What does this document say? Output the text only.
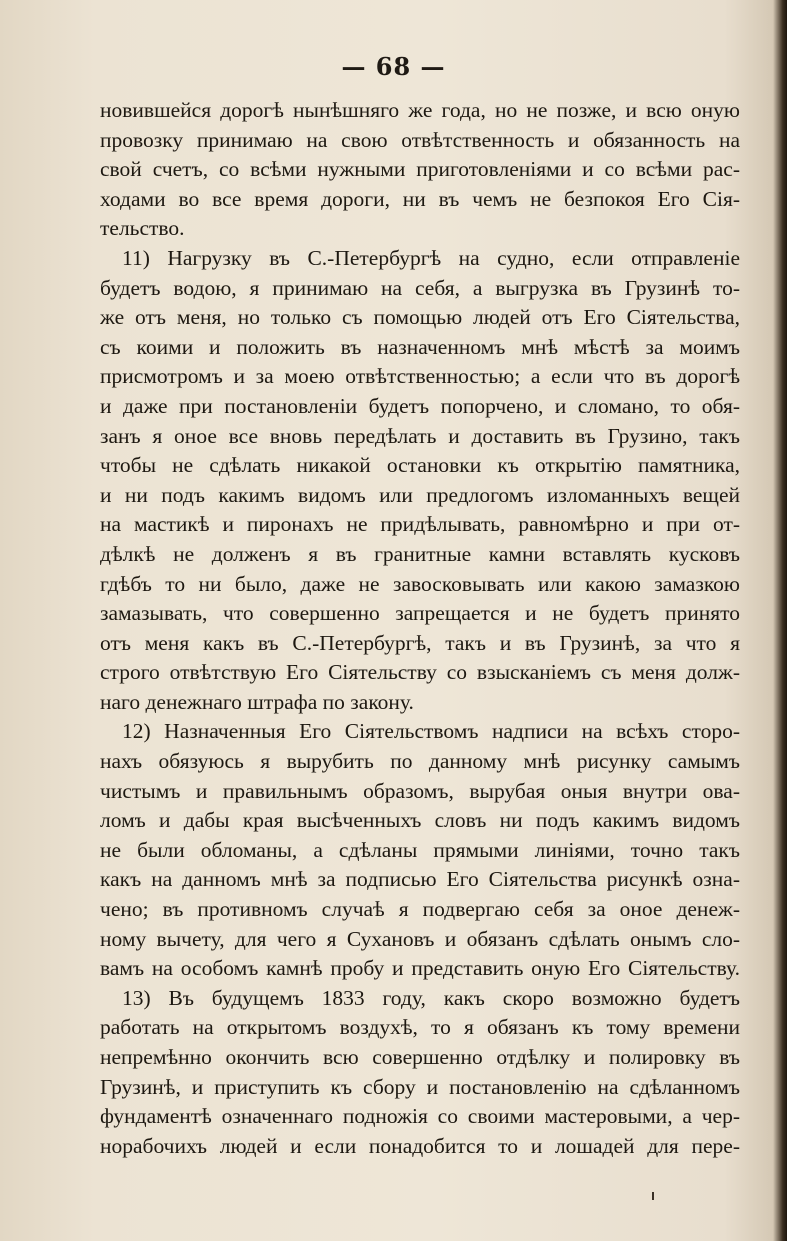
— 68 —
новившейся дорогѣ нынѣшняго же года, но не позже, и всю оную
провозку принимаю на свою отвѣтственность и обязанность на
свой счетъ, со всѣми нужными приготовленіями и со всѣми рас-
ходами во все время дороги, ни въ чемъ не безпокоя Его Сія-
тельство.
11) Нагрузку въ С.-Петербургѣ на судно, если отправленіе
будетъ водою, я принимаю на себя, а выгрузка въ Грузинѣ то-
же отъ меня, но только съ помощью людей отъ Его Сіятельства,
съ коими и положить въ назначенномъ мнѣ мѣстѣ за моимъ
присмотромъ и за моею отвѣтственностью; а если что въ дорогѣ
и даже при постановленіи будетъ попорчено, и сломано, то обя-
занъ я оное все вновь передѣлать и доставить въ Грузино, такъ
чтобы не сдѣлать никакой остановки къ открытію памятника,
и ни подъ какимъ видомъ или предлогомъ изломанныхъ вещей
на мастикѣ и пиронахъ не придѣлывать, равномѣрно и при от-
дѣлкѣ не долженъ я въ гранитные камни вставлять кусковъ
гдѣбъ то ни было, даже не завосковывать или какою замазкою
замазывать, что совершенно запрещается и не будетъ принято
отъ меня какъ въ С.-Петербургѣ, такъ и въ Грузинѣ, за что я
строго отвѣтствую Его Сіятельству со взысканіемъ съ меня долж-
наго денежнаго штрафа по закону.
12) Назначенныя Его Сіятельствомъ надписи на всѣхъ сторо-
нахъ обязуюсь я вырубить по данному мнѣ рисунку самымъ
чистымъ и правильнымъ образомъ, вырубая оныя внутри ова-
ломъ и дабы края высѣченныхъ словъ ни подъ какимъ видомъ
не были обломаны, а сдѣланы прямыми линіями, точно такъ
какъ на данномъ мнѣ за подписью Его Сіятельства рисункѣ озна-
чено; въ противномъ случаѣ я подвергаю себя за оное денеж-
ному вычету, для чего я Сухановъ и обязанъ сдѣлать онымъ сло-
вамъ на особомъ камнѣ пробу и представить оную Его Сіятельству.
13) Въ будущемъ 1833 году, какъ скоро возможно будетъ
работать на открытомъ воздухѣ, то я обязанъ къ тому времени
непремѣнно окончить всю совершенно отдѣлку и полировку въ
Грузинѣ, и приступить къ сбору и постановленію на сдѣланномъ
фундаментѣ означеннаго подножія со своими мастеровыми, а чер-
норабочихъ людей и если понадобится то и лошадей для пере-
